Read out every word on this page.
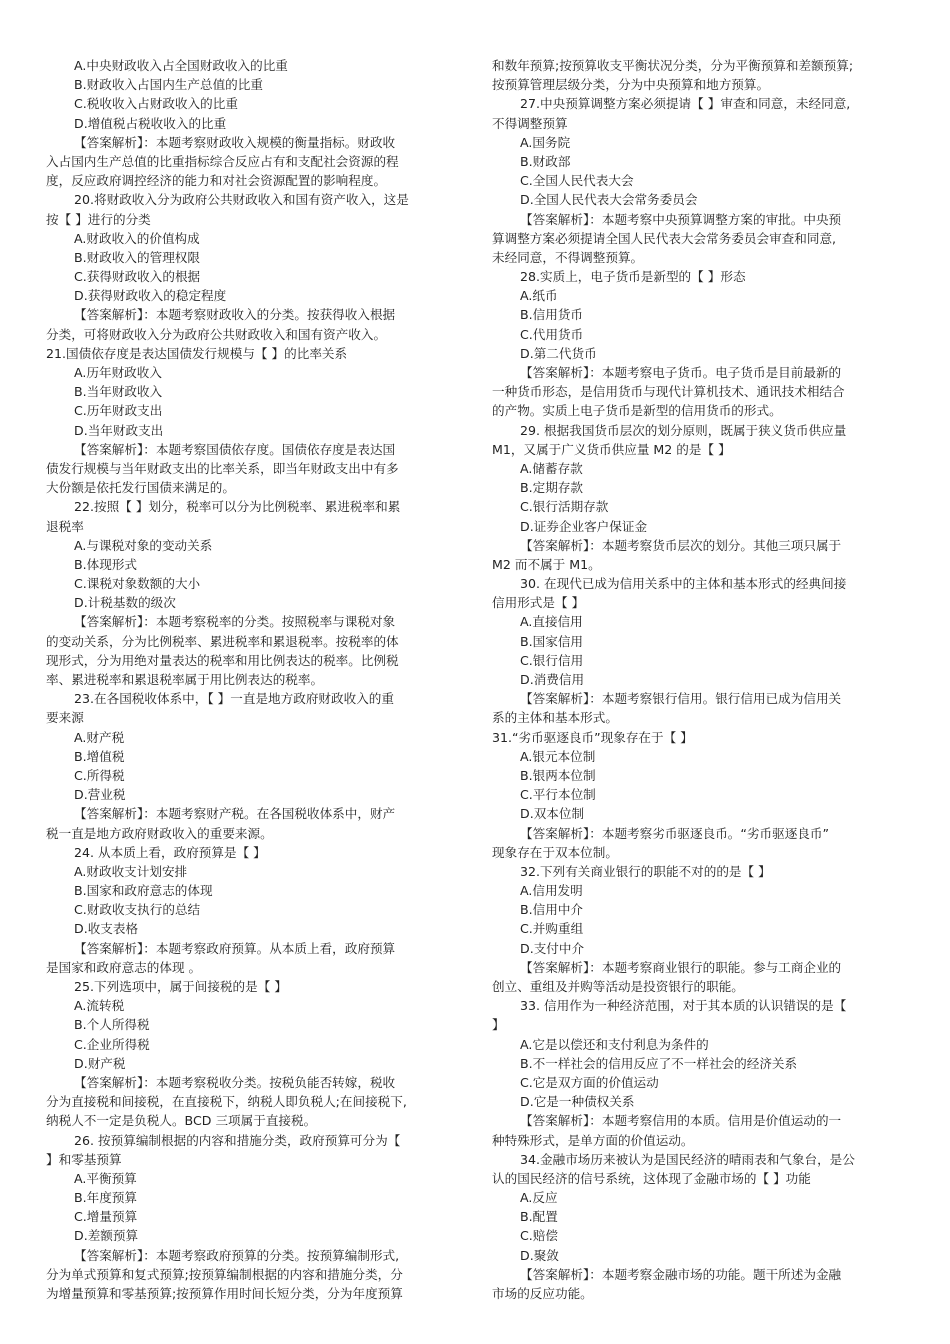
A.中央财政收入占全国财政收入的比重
B.财政收入占国内生产总值的比重
C.税收收入占财政收入的比重
D.增值税占税收收入的比重
【答案解析】：本题考察财政收入规模的衡量指标。财政收
入占国内生产总值的比重指标综合反应占有和支配社会资源的程
度，反应政府调控经济的能力和对社会资源配置的影响程度。
20.将财政收入分为政府公共财政收入和国有资产收入，这是
按【 】进行的分类
A.财政收入的价值构成
B.财政收入的管理权限
C.获得财政收入的根据
D.获得财政收入的稳定程度
【答案解析】：本题考察财政收入的分类。按获得收入根据
分类，可将财政收入分为政府公共财政收入和国有资产收入。
21.国债依存度是表达国债发行规模与【 】的比率关系
A.历年财政收入
B.当年财政收入
C.历年财政支出
D.当年财政支出
【答案解析】：本题考察国债依存度。国债依存度是表达国
债发行规模与当年财政支出的比率关系，即当年财政支出中有多
大份额是依托发行国债来满足的。
22.按照【 】划分，税率可以分为比例税率、累进税率和累
退税率
A.与课税对象的变动关系
B.体现形式
C.课税对象数额的大小
D.计税基数的级次
【答案解析】：本题考察税率的分类。按照税率与课税对象
的变动关系，分为比例税率、累进税率和累退税率。按税率的体
现形式，分为用绝对量表达的税率和用比例表达的税率。比例税
率、累进税率和累退税率属于用比例表达的税率。
23.在各国税收体系中，【 】一直是地方政府财政收入的重
要来源
A.财产税
B.增值税
C.所得税
D.营业税
【答案解析】：本题考察财产税。在各国税收体系中，财产
税一直是地方政府财政收入的重要来源。
24. 从本质上看，政府预算是【 】
A.财政收支计划安排
B.国家和政府意志的体现
C.财政收支执行的总结
D.收支表格
【答案解析】：本题考察政府预算。从本质上看，政府预算
是国家和政府意志的体现 。
25.下列选项中，属于间接税的是【 】
A.流转税
B.个人所得税
C.企业所得税
D.财产税
【答案解析】：本题考察税收分类。按税负能否转嫁，税收
分为直接税和间接税，在直接税下，纳税人即负税人;在间接税下,
纳税人不一定是负税人。BCD 三项属于直接税。
26. 按预算编制根据的内容和措施分类，政府预算可分为【
】和零基预算
A.平衡预算
B.年度预算
C.增量预算
D.差额预算
【答案解析】：本题考察政府预算的分类。按预算编制形式,
分为单式预算和复式预算;按预算编制根据的内容和措施分类，分
为增量预算和零基预算;按预算作用时间长短分类，分为年度预算
和数年预算;按预算收支平衡状况分类，分为平衡预算和差额预算;
按预算管理层级分类，分为中央预算和地方预算。
27.中央预算调整方案必须提请【 】审查和同意，未经同意,
不得调整预算
A.国务院
B.财政部
C.全国人民代表大会
D.全国人民代表大会常务委员会
【答案解析】：本题考察中央预算调整方案的审批。中央预
算调整方案必须提请全国人民代表大会常务委员会审查和同意,
未经同意，不得调整预算。
28.实质上，电子货币是新型的【 】形态
A.纸币
B.信用货币
C.代用货币
D.第二代货币
【答案解析】：本题考察电子货币。电子货币是目前最新的
一种货币形态，是信用货币与现代计算机技术、通讯技术相结合
的产物。实质上电子货币是新型的信用货币的形式。
29. 根据我国货币层次的划分原则，既属于狭义货币供应量
M1，又属于广义货币供应量 M2 的是【 】
A.储蓄存款
B.定期存款
C.银行活期存款
D.证券企业客户保证金
【答案解析】：本题考察货币层次的划分。其他三项只属于
M2 而不属于 M1。
30. 在现代已成为信用关系中的主体和基本形式的经典间接
信用形式是【 】
A.直接信用
B.国家信用
C.银行信用
D.消费信用
【答案解析】：本题考察银行信用。银行信用已成为信用关
系的主体和基本形式。
31.“劣币驱逐良币”现象存在于【 】
A.银元本位制
B.银两本位制
C.平行本位制
D.双本位制
【答案解析】：本题考察劣币驱逐良币。“劣币驱逐良币”
现象存在于双本位制。
32.下列有关商业银行的职能不对的的是【 】
A.信用发明
B.信用中介
C.并购重组
D.支付中介
【答案解析】：本题考察商业银行的职能。参与工商企业的
创立、重组及并购等活动是投资银行的职能。
33. 信用作为一种经济范围，对于其本质的认识错误的是【
】
A.它是以偿还和支付利息为条件的
B.不一样社会的信用反应了不一样社会的经济关系
C.它是双方面的价值运动
D.它是一种债权关系
【答案解析】：本题考察信用的本质。信用是价值运动的一
种特殊形式，是单方面的价值运动。
34.金融市场历来被认为是国民经济的晴雨表和气象台，是公
认的国民经济的信号系统，这体现了金融市场的【 】功能
A.反应
B.配置
C.赔偿
D.聚敛
【答案解析】：本题考察金融市场的功能。题干所述为金融
市场的反应功能。
